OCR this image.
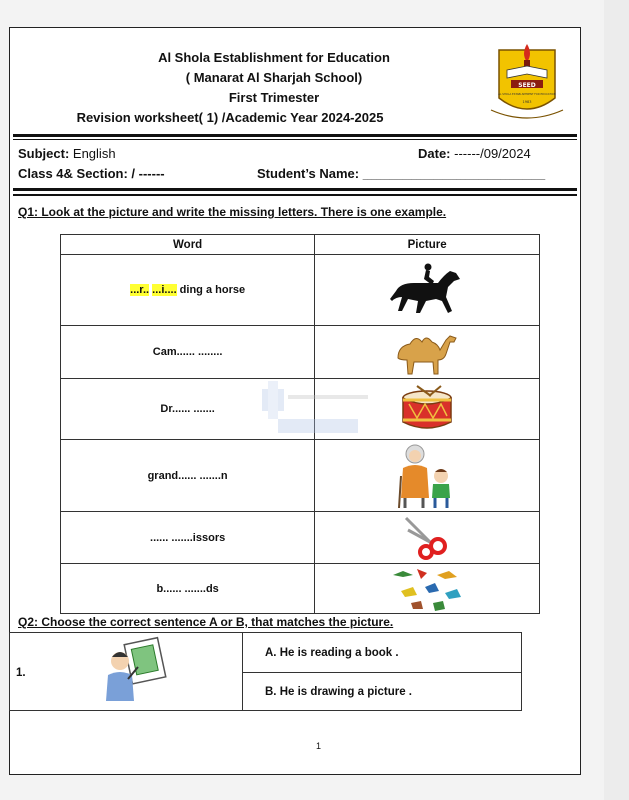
Al Shola Establishment for Education
( Manarat Al Sharjah School)
First Trimester
Revision worksheet( 1) /Academic Year 2024-2025
SEED
AL SHOLA ESTABLISHMENT FOR EDUCATION
1983
Subject: English	Date: ------/09/2024
Class 4& Section: / ------	Student’s Name: _________________________________________
Q1: Look at the picture and write the missing letters. There is one example.
Word	Picture
...r.. ...i.... ding a horse	

Cam...... ........	

Dr...... .......	

grand...... .......n	

...... .......issors	

b...... .......ds	
Q2: Choose the correct sentence A or B, that matches the picture.
1.
	A. He is reading a book .
B. He is drawing a picture .
1
